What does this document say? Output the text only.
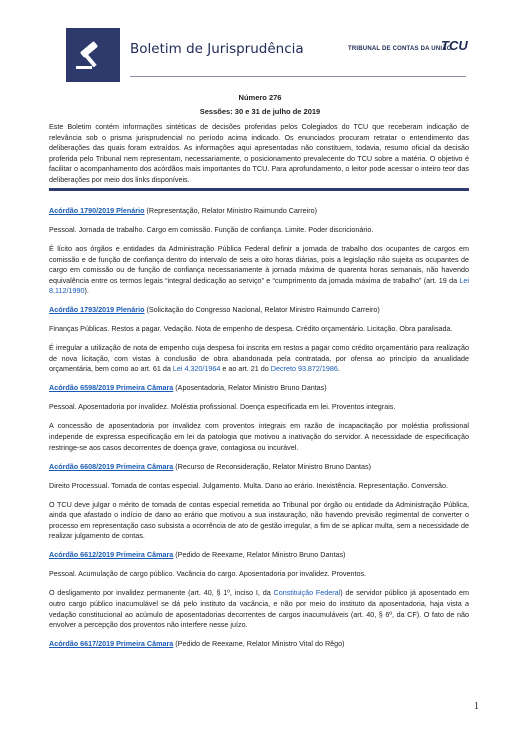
Boletim de Jurisprudência	TRIBUNAL DE CONTAS DA UNIÃO
TCU
Número 276
Sessões: 30 e 31 de julho de 2019
Este Boletim contém informações sintéticas de decisões proferidas pelos Colegiados do TCU que receberam indicação de relevância sob o prisma jurisprudencial no período acima indicado. Os enunciados procuram retratar o entendimento das deliberações das quais foram extraídos. As informações aqui apresentadas não constituem, todavia, resumo oficial da decisão proferida pelo Tribunal nem representam, necessariamente, o posicionamento prevalecente do TCU sobre a matéria. O objetivo é facilitar o acompanhamento dos acórdãos mais importantes do TCU. Para aprofundamento, o leitor pode acessar o inteiro teor das deliberações por meio dos links disponíveis.

Acórdão 1790/2019 Plenário (Representação, Relator Ministro Raimundo Carreiro)

Pessoal. Jornada de trabalho. Cargo em comissão. Função de confiança. Limite. Poder discricionário.

É lícito aos órgãos e entidades da Administração Pública Federal definir a jornada de trabalho dos ocupantes de cargos em comissão e de função de confiança dentro do intervalo de seis a oito horas diárias, pois a legislação não sujeita os ocupantes de cargo em comissão ou de função de confiança necessariamente à jornada máxima de quarenta horas semanais, não havendo equivalência entre os termos legais “integral dedicação ao serviço” e “cumprimento da jornada máxima de trabalho” (art. 19 da Lei 8.112/1990).

Acórdão 1793/2019 Plenário (Solicitação do Congresso Nacional, Relator Ministro Raimundo Carreiro)

Finanças Públicas. Restos a pagar. Vedação. Nota de empenho de despesa. Crédito orçamentário. Licitação. Obra paralisada.

É irregular a utilização de nota de empenho cuja despesa foi inscrita em restos a pagar como crédito orçamentário para realização de nova licitação, com vistas à conclusão de obra abandonada pela contratada, por ofensa ao princípio da anualidade orçamentária, bem como ao art. 61 da Lei 4.320/1964 e ao art. 21 do Decreto 93.872/1986.

Acórdão 6598/2019 Primeira Câmara (Aposentadoria, Relator Ministro Bruno Dantas)

Pessoal. Aposentadoria por invalidez. Moléstia profissional. Doença especificada em lei. Proventos integrais.

A concessão de aposentadoria por invalidez com proventos integrais em razão de incapacitação por moléstia profissional independe de expressa especificação em lei da patologia que motivou a inativação do servidor. A necessidade de especificação restringe-se aos casos decorrentes de doença grave, contagiosa ou incurável.

Acórdão 6608/2019 Primeira Câmara (Recurso de Reconsideração, Relator Ministro Bruno Dantas)

Direito Processual. Tomada de contas especial. Julgamento. Multa. Dano ao erário. Inexistência. Representação. Conversão.

O TCU deve julgar o mérito de tomada de contas especial remetida ao Tribunal por órgão ou entidade da Administração Pública, ainda que afastado o indício de dano ao erário que motivou a sua instauração, não havendo previsão regimental de converter o processo em representação caso subsista a ocorrência de ato de gestão irregular, a fim de se aplicar multa, sem a necessidade de realizar julgamento de contas.

Acórdão 6612/2019 Primeira Câmara (Pedido de Reexame, Relator Ministro Bruno Dantas)

Pessoal. Acumulação de cargo público. Vacância do cargo. Aposentadoria por invalidez. Proventos.

O desligamento por invalidez permanente (art. 40, § 1º, inciso I, da Constituição Federal) de servidor público já aposentado em outro cargo público inacumulável se dá pelo instituto da vacância, e não por meio do instituto da aposentadoria, haja vista a vedação constitucional ao acúmulo de aposentadorias decorrentes de cargos inacumuláveis (art. 40, § 6º, da CF). O fato de não envolver a percepção dos proventos não interfere nesse juízo.

Acórdão 6617/2019 Primeira Câmara (Pedido de Reexame, Relator Ministro Vital do Rêgo)

1
